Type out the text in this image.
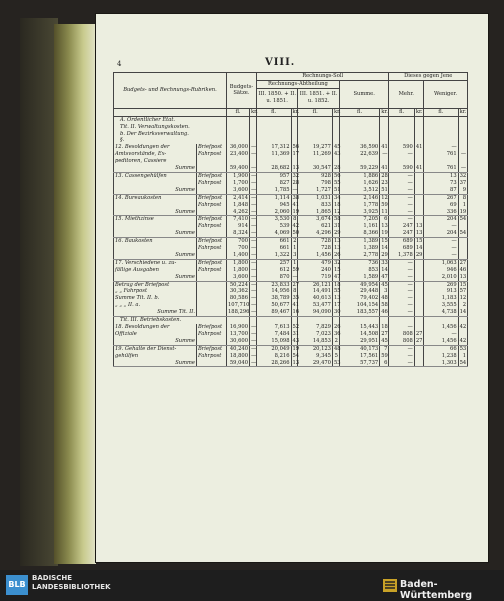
4	VIII.
Budgets- und Rechnungs-Rubriken.		Budgets-Sätze.		Rechnungs-Soll						Dieses gegen Jene			
				Rechnungs-Abtheilung				Summe.		Mehr.		Weniger.	
				III. 1850. + II. u. 1851.		III. 1851. + II. u. 1852.							
		fl.	kr.	fl.	kr.	fl.	kr.	fl.	kr.	fl.	kr.	fl.	kr.
A. Ordentlicher Etat.													
Tit. II. Verwaltungskosten.													
b. Der Bezirksverwaltung.													
§.													
12. Besoldungen der	Briefpost	36,000	—	17,312	56	19,277	45	36,590	41	590	41	—	
Amtsvorstände, Ex-	Fahrpost	23,400	—	11,369	17	11,269	43	22,639	—	—		761	—
peditoren, Cassiere													
Summe		59,400	—	28,682	13	30,547	28	59,229	41	590	41	761	—
13. Cassengehülfen	Briefpost	1,900	—	957	32	928	56	1,886	28	—		13	32
	Fahrpost	1,700	—	827	28	798	55	1,626	23	—		73	37
Summe		3,600	—	1,785	—	1,727	51	3,512	51	—		87	9
14. Bureaukosten	Briefpost	2,414	—	1,114	38	1,031	34	2,146	12	—		267	8
	Fahrpost	1,848	—	945	41	833	18	1,778	59	—		69	1
Summe		4,262	—	2,060	19	1,865	12	3,925	11	—		336	19
15. Miethzinse	Briefpost	7,410	—	3,530	8	3,674	58	7,205	6	—		204	54
	Fahrpost	914	—	539	42	621	31	1,161	13	247	13	—	
Summe		8,324	—	4,069	50	4,296	29	8,366	19	247	13	204	54
16. Baukosten	Briefpost	700	—	661	2	728	13	1,389	15	689	15	—	
	Fahrpost	700	—	661	1	728	13	1,389	14	689	14	—	
Summe		1,400	—	1,322	3	1,456	26	2,778	29	1,378	29	—	
17. Verschiedene u. zu-	Briefpost	1,800	—	257	1	479	32	736	33	—		1,063	27
fällige Ausgaben	Fahrpost	1,800	—	612	59	240	15	853	14	—		946	46
Summe		3,600	—	870	—	719	47	1,589	47	—		2,010	13
Betrag der Briefpost		50,224	—	23,833	27	26,121	18	49,954	45	—		269	15
„ „ Fahrpost		30,362	—	14,956	8	14,491	55	29,448	3	—		913	57
Summe Tit. II. b.		80,586	—	38,789	35	40,613	13	79,402	48	—		1,183	12
„ „ „ II. a.		107,710	—	50,677	41	53,477	17	104,154	58	—		3,555	2
Summe Tit. II.		188,296	—	89,467	16	94,090	30	183,557	46	—		4,738	14
Tit. III. Betriebskosten.													
18. Besoldungen der	Briefpost	16,900	—	7,613	52	7,829	26	15,443	18	—		1,456	42
Offiziale	Fahrpost	13,700	—	7,484	31	7,023	36	14,508	27	808	27	—	
Summe		30,600	—	15,098	43	14,853	2	29,951	45	808	27	1,456	42
19. Gehalte der Dienst-	Briefpost	40,240	—	20,049	19	20,123	48	40,173	7	—		66	53
gehülfen	Fahrpost	18,800	—	8,216	54	9,345	5	17,561	59	—		1,238	1
Summe		59,040	—	28,266	13	29,470	53	57,737	6	—		1,303	54
BLB
BADISCHE
LANDESBIBLIOTHEK	Baden-Württemberg
